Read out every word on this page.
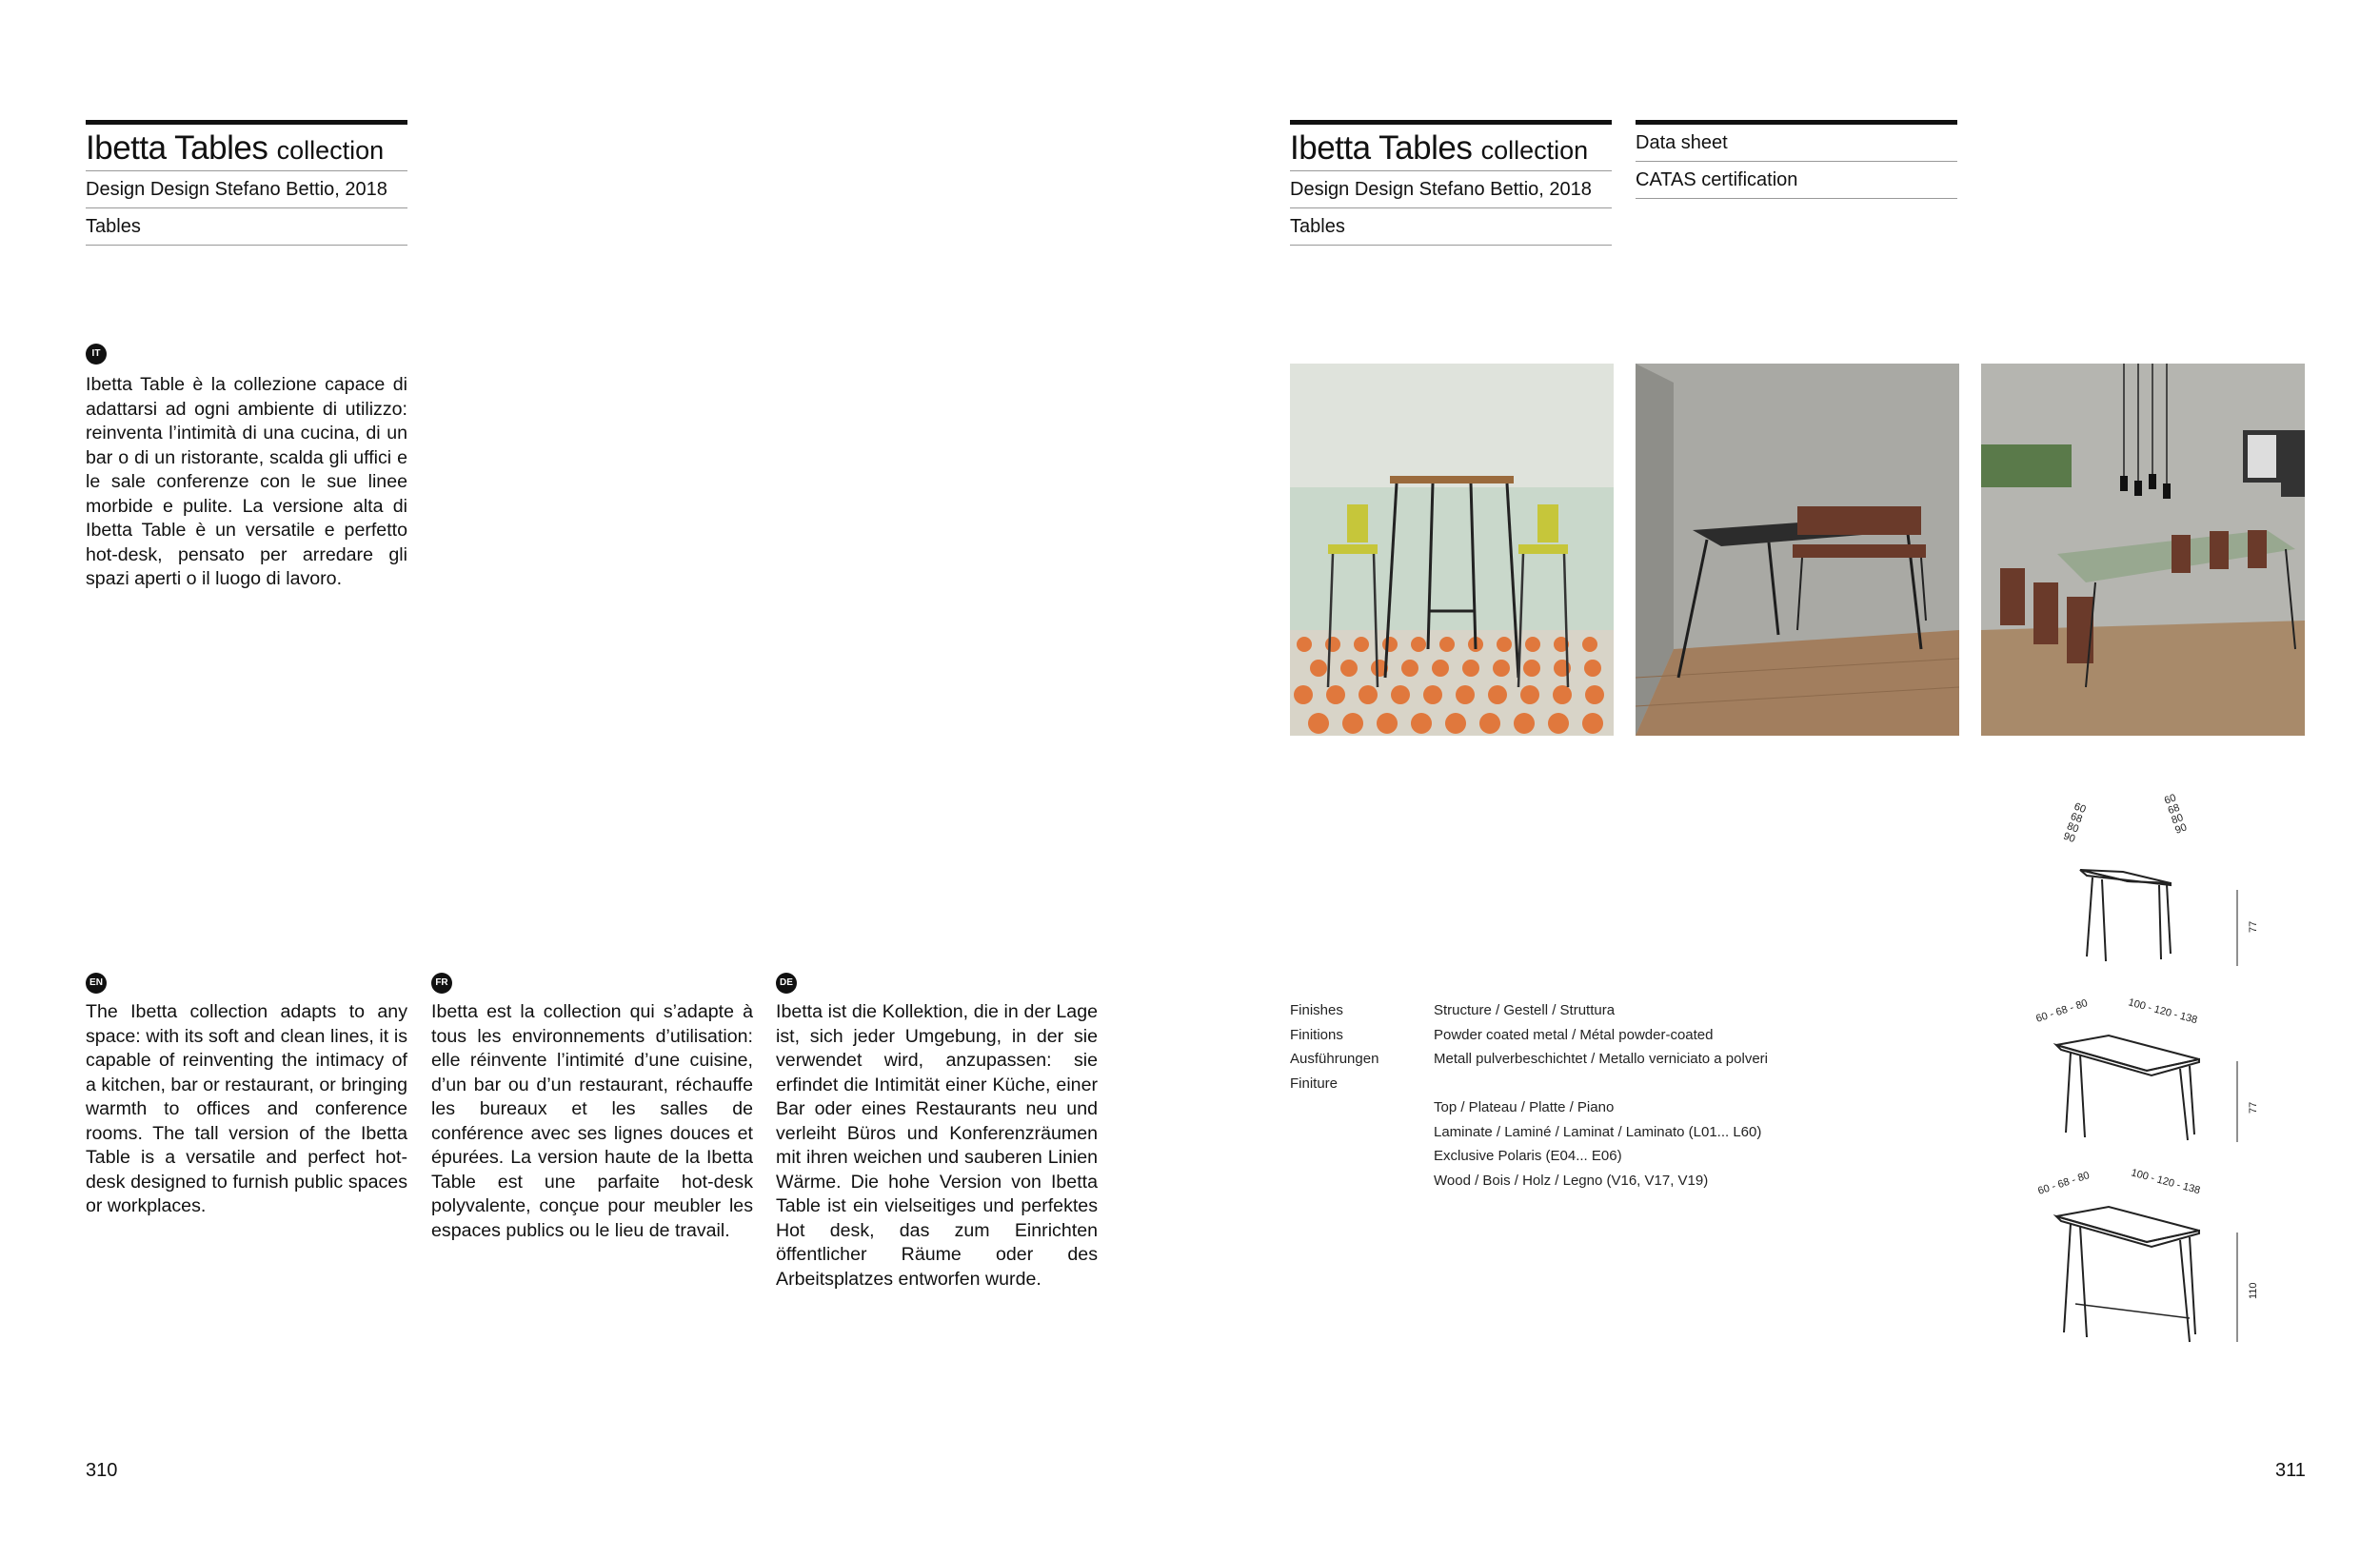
Ibetta Tables collection
Design Design Stefano Bettio, 2018
Tables
IT
Ibetta Table è la collezione capace di adattarsi ad ogni ambiente di utilizzo: reinventa l’intimità di una cucina, di un bar o di un ristorante, scalda gli uffici e le sale conferenze con le sue linee morbide e pulite. La versione alta di Ibetta Table è un versatile e perfetto hot-desk, pensato per arredare gli spazi aperti o il luogo di lavoro.
EN
The Ibetta collection adapts to any space: with its soft and clean lines, it is capable of reinventing the intimacy of a kitchen, bar or restaurant, or bringing warmth to offices and conference rooms. The tall version of the Ibetta Table is a versatile and perfect hot-desk designed to furnish public spaces or workplaces.
FR
Ibetta est la collection qui s’adapte à tous les environnements d’utilisation: elle réinvente l’intimité d’une cuisine, d’un bar ou d’un restaurant, réchauffe les bureaux et les salles de conférence avec ses lignes douces et épurées. La version haute de la Ibetta Table est une parfaite hot-desk polyvalente, conçue pour meubler les espaces publics ou le lieu de travail.
DE
Ibetta ist die Kollektion, die in der Lage ist, sich jeder Umgebung, in der sie verwendet wird, anzupassen: sie erfindet die Intimität einer Küche, einer Bar oder eines Restaurants neu und verleiht Büros und Konferenzräumen mit ihren weichen und sauberen Linien Wärme. Die hohe Version von Ibetta Table ist ein vielseitiges und perfektes Hot desk, das zum Einrichten öffentlicher Räume oder des Arbeitsplatzes entworfen wurde.
310
Ibetta Tables collection
Design Design Stefano Bettio, 2018
Tables
Data sheet
CATAS certification
Finishes
Finitions
Ausführungen
Finiture
Structure / Gestell / Struttura
Powder coated metal / Métal powder-coated
Metall pulverbeschichtet / Metallo verniciato a polveri
Top / Plateau / Platte / Piano
Laminate / Laminé / Laminat / Laminato (L01... L60)
Exclusive Polaris (E04... E06)
Wood / Bois / Holz / Legno (V16, V17, V19)
60
68
80
90
60
68
80
90
77
60 - 68 - 80	100 - 120 - 138
77
60 - 68 - 80	100 - 120 - 138
110
311
